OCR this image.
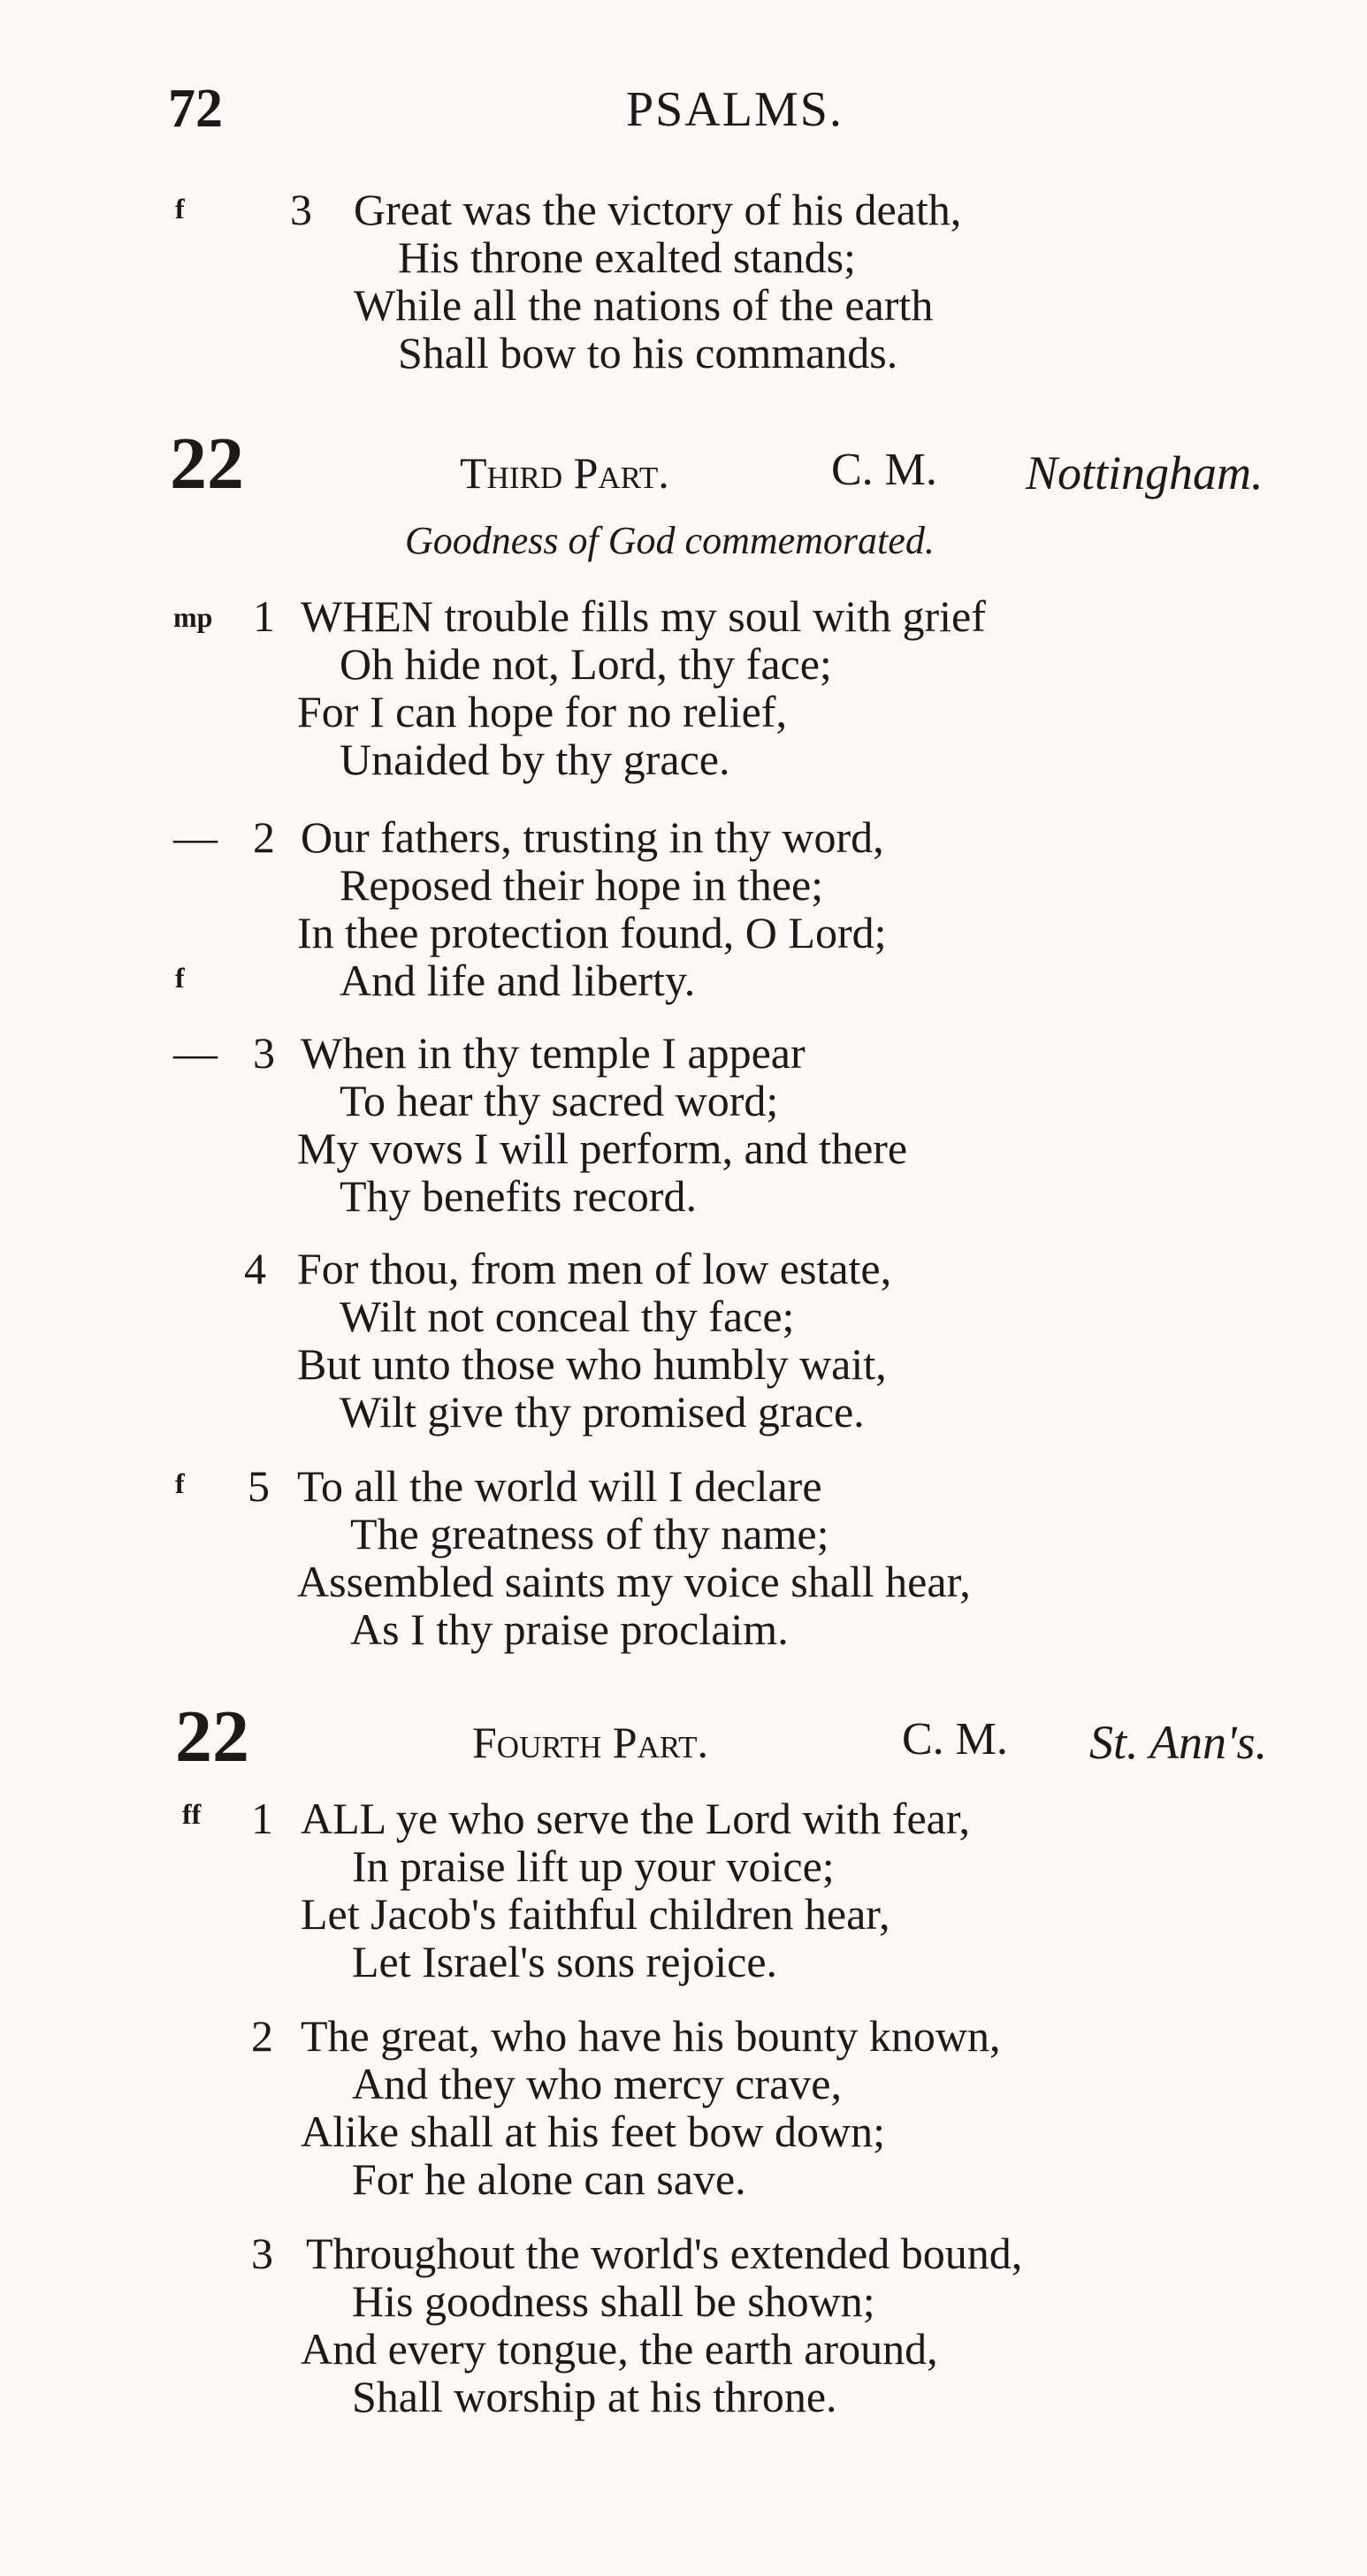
72	PSALMS.
f 3 Great was the victory of his death,
His throne exalted stands;
While all the nations of the earth
Shall bow to his commands.
22	Third Part.	C. M. Nottingham.
Goodness of God commemorated.
mp 1 WHEN trouble fills my soul with grief
Oh hide not, Lord, thy face;
For I can hope for no relief,
Unaided by thy grace.
— 2 Our fathers, trusting in thy word,
Reposed their hope in thee;
In thee protection found, O Lord;
f	And life and liberty.
— 3 When in thy temple I appear
To hear thy sacred word;
My vows I will perform, and there
Thy benefits record.
4 For thou, from men of low estate,
Wilt not conceal thy face;
But unto those who humbly wait,
Wilt give thy promised grace.
f 5 To all the world will I declare
The greatness of thy name;
Assembled saints my voice shall hear,
As I thy praise proclaim.
22	Fourth Part.	C. M. St. Ann's.
ff 1 ALL ye who serve the Lord with fear,
In praise lift up your voice;
Let Jacob's faithful children hear,
Let Israel's sons rejoice.
2 The great, who have his bounty known,
And they who mercy crave,
Alike shall at his feet bow down;
For he alone can save.
3 Throughout the world's extended bound,
His goodness shall be shown;
And every tongue, the earth around,
Shall worship at his throne.
